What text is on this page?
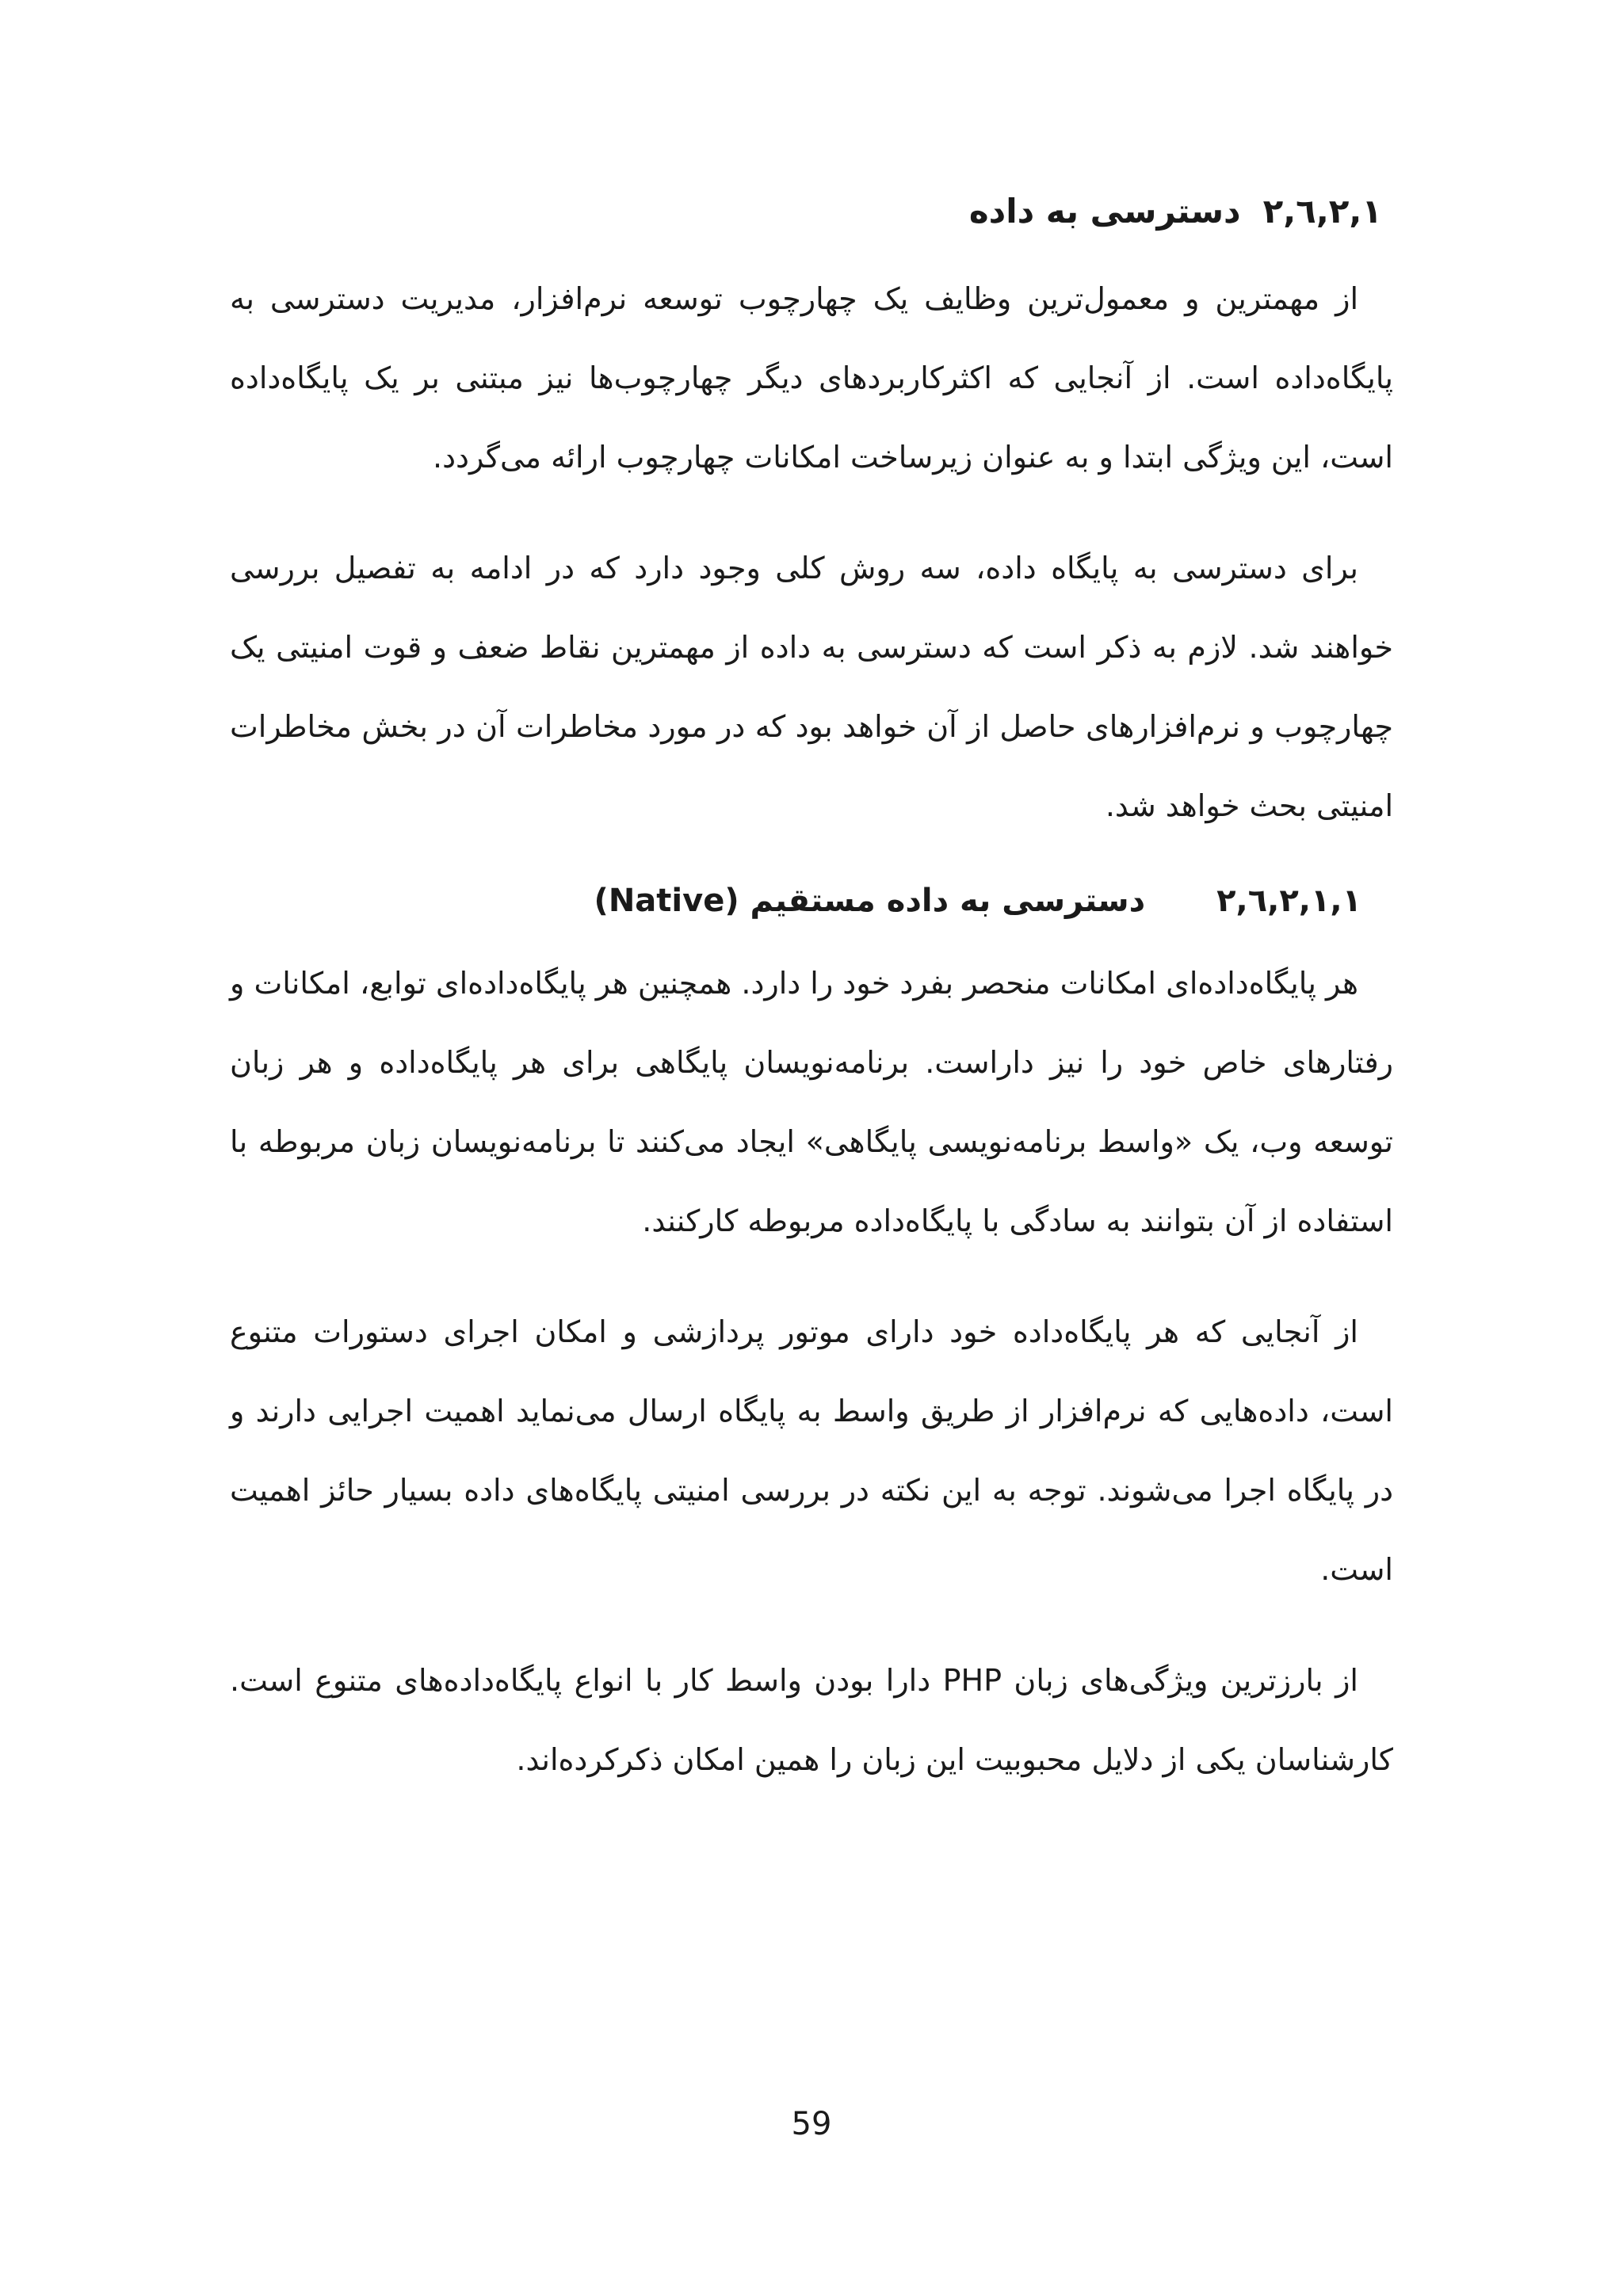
۲,٦,۲,۱
دسترسی به داده

از مهمترین و معمول‌ترین وظایف یک چهارچوب توسعه نرم‌افزار، مدیریت دسترسی به پایگاه‌داده است. از آنجایی که اکثرکاربردهای دیگر چهارچوب‌ها نیز مبتنی بر یک پایگاه‌داده است، این ویژگی ابتدا و به عنوان زیرساخت امکانات چهارچوب ارائه می‌گردد.

برای دسترسی به پایگاه داده، سه روش کلی وجود دارد که در ادامه به تفصیل بررسی خواهند شد. لازم به ذکر است که دسترسی به داده از مهمترین نقاط ضعف و قوت امنیتی یک چهارچوب و نرم‌افزارهای حاصل از آن خواهد بود که در مورد مخاطرات آن در بخش مخاطرات امنیتی بحث خواهد شد.

۲,٦,۲,۱,۱
دسترسی به داده مستقیم (Native)

هر پایگاه‌داده‌ای امکانات منحصر بفرد خود را دارد. همچنین هر پایگاه‌داده‌ای توابع، امکانات و رفتارهای خاص خود را نیز داراست. برنامه‌نویسان پایگاهی برای هر پایگاه‌داده و هر زبان توسعه وب، یک «واسط برنامه‌نویسی پایگاهی» ایجاد می‌کنند تا برنامه‌نویسان زبان مربوطه با استفاده از آن بتوانند به سادگی با پایگاه‌داده مربوطه کارکنند.

از آنجایی که هر پایگاه‌داده خود دارای موتور پردازشی و امکان اجرای دستورات متنوع است، داده‌هایی که نرم‌افزار از طریق واسط به پایگاه ارسال می‌نماید اهمیت اجرایی دارند و در پایگاه اجرا می‌شوند. توجه به این نکته در بررسی امنیتی پایگاه‌های داده بسیار حائز اهمیت است.

از بارزترین ویژگی‌های زبان PHP دارا بودن واسط کار با انواع پایگاه‌داده‌های متنوع است. کارشناسان یکی از دلایل محبوبیت این زبان را همین امکان ذکرکرده‌اند.

59
